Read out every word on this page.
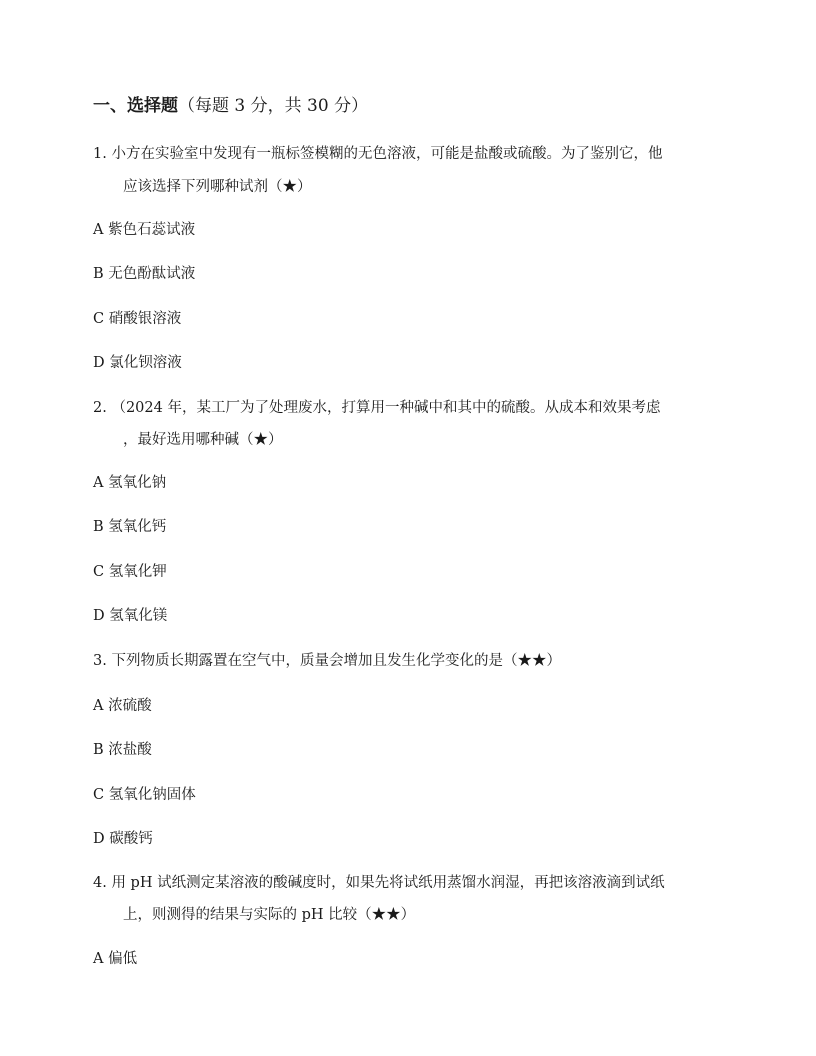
一、选择题（每题 3 分，共 30 分）
1. 小方在实验室中发现有一瓶标签模糊的无色溶液，可能是盐酸或硫酸。为了鉴别它，他
应该选择下列哪种试剂（★）
A 紫色石蕊试液
B 无色酚酞试液
C 硝酸银溶液
D 氯化钡溶液
2. （2024 年，某工厂为了处理废水，打算用一种碱中和其中的硫酸。从成本和效果考虑
，最好选用哪种碱（★）
A 氢氧化钠
B 氢氧化钙
C 氢氧化钾
D 氢氧化镁
3. 下列物质长期露置在空气中，质量会增加且发生化学变化的是（★★）
A 浓硫酸
B 浓盐酸
C 氢氧化钠固体
D 碳酸钙
4. 用 pH 试纸测定某溶液的酸碱度时，如果先将试纸用蒸馏水润湿，再把该溶液滴到试纸
上，则测得的结果与实际的 pH 比较（★★）
A 偏低
